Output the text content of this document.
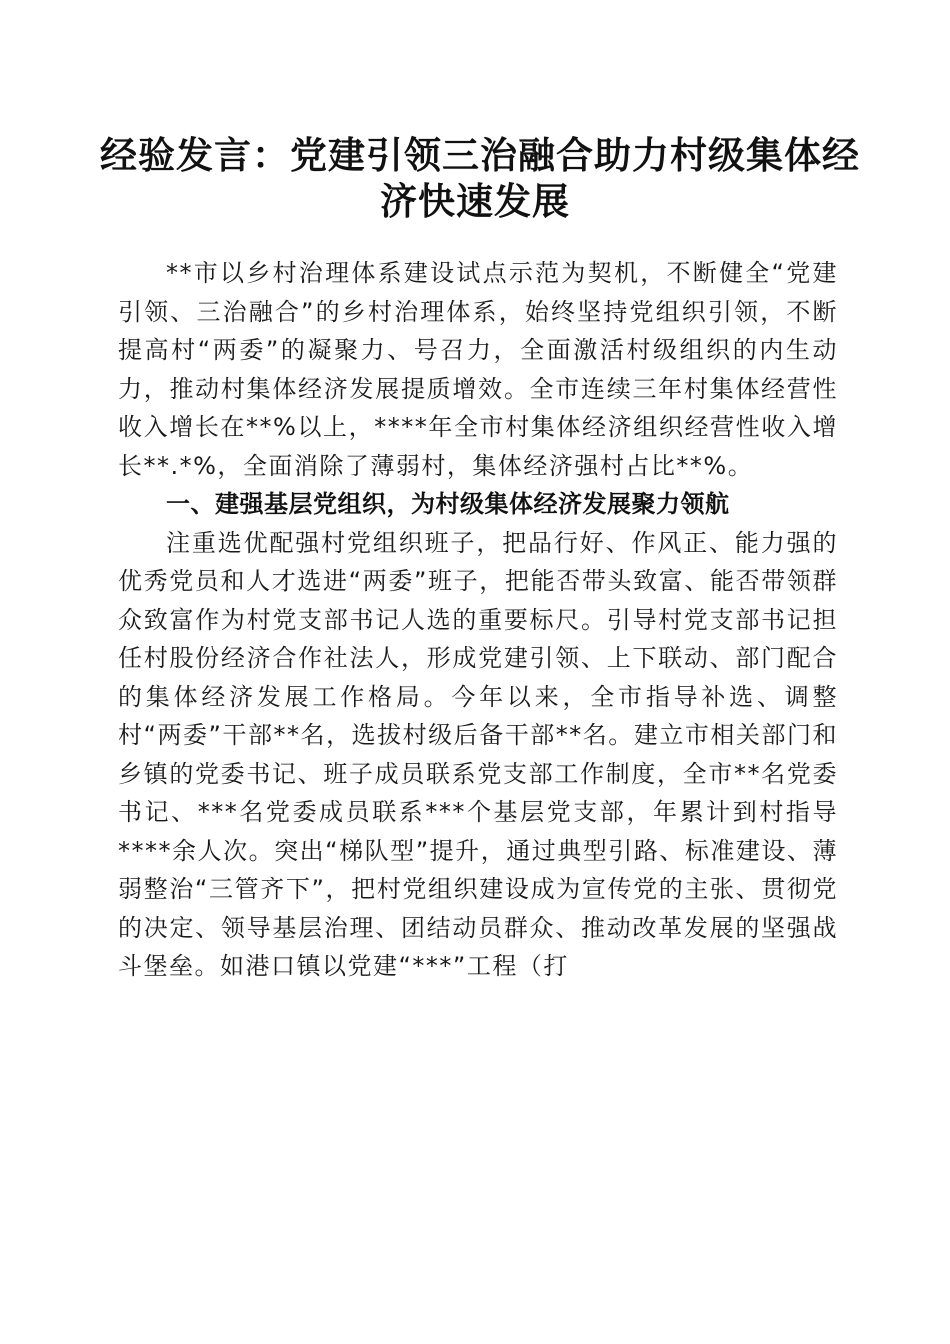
经验发言：党建引领三治融合助力村级集体经
济快速发展

**市以乡村治理体系建设试点示范为契机，不断健全“党建引领、三治融合”的乡村治理体系，始终坚持党组织引领，不断提高村“两委”的凝聚力、号召力，全面激活村级组织的内生动力，推动村集体经济发展提质增效。全市连续三年村集体经营性收入增长在**%以上，****年全市村集体经济组织经营性收入增长**.*%，全面消除了薄弱村，集体经济强村占比**%。

一、建强基层党组织，为村级集体经济发展聚力领航

注重选优配强村党组织班子，把品行好、作风正、能力强的优秀党员和人才选进“两委”班子，把能否带头致富、能否带领群众致富作为村党支部书记人选的重要标尺。引导村党支部书记担任村股份经济合作社法人，形成党建引领、上下联动、部门配合的集体经济发展工作格局。今年以来，全市指导补选、调整村“两委”干部**名，选拔村级后备干部**名。建立市相关部门和乡镇的党委书记、班子成员联系党支部工作制度，全市**名党委书记、***名党委成员联系***个基层党支部，年累计到村指导****余人次。突出“梯队型”提升，通过典型引路、标准建设、薄弱整治“三管齐下”，把村党组织建设成为宣传党的主张、贯彻党的决定、领导基层治理、团结动员群众、推动改革发展的坚强战斗堡垒。如港口镇以党建“***”工程（打
